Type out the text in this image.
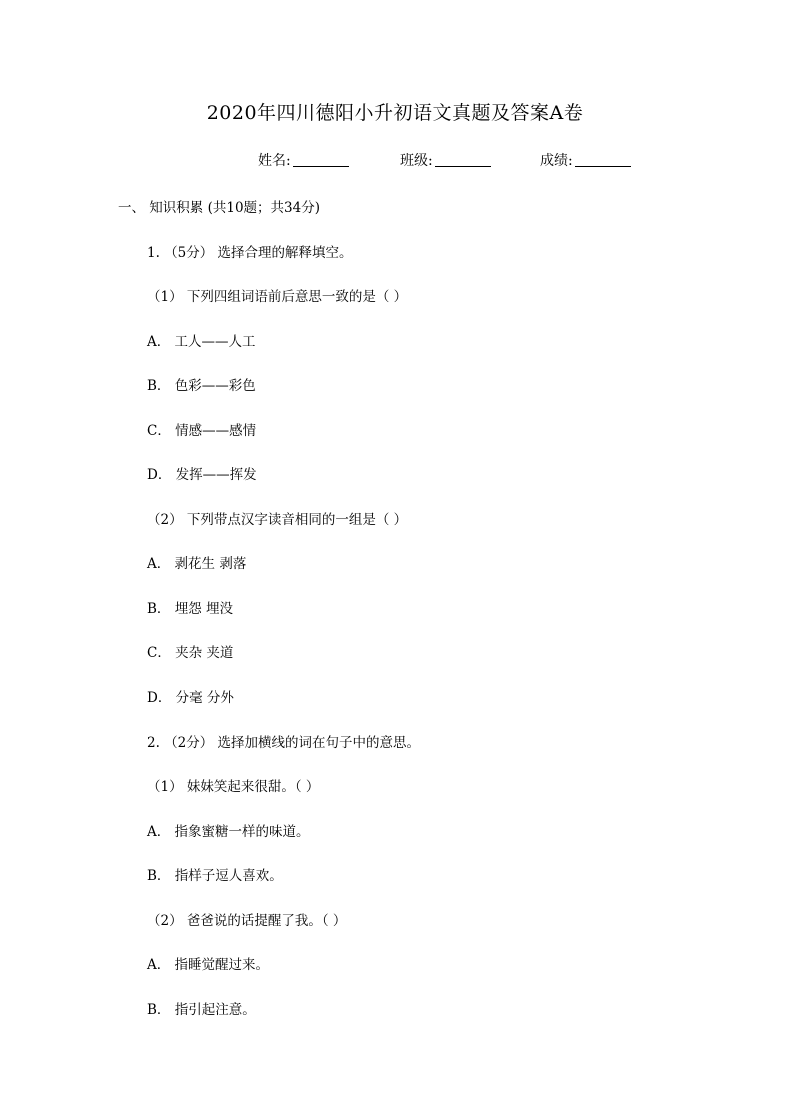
2020年四川德阳小升初语文真题及答案A卷
姓名:	班级:	成绩:
一、 知识积累 (共10题；共34分)
1. （5分） 选择合理的解释填空。
（1） 下列四组词语前后意思一致的是（ ）
A． 工人——人工
B． 色彩——彩色
C． 情感——感情
D． 发挥——挥发
（2） 下列带点汉字读音相同的一组是（ ）
A． 剥花生 剥落
B． 埋怨 埋没
C． 夹杂 夹道
D． 分毫 分外
2. （2分） 选择加横线的词在句子中的意思。
（1） 妹妹笑起来很甜。（ ）
A． 指象蜜糖一样的味道。
B． 指样子逗人喜欢。
（2） 爸爸说的话提醒了我。（ ）
A． 指睡觉醒过来。
B． 指引起注意。
